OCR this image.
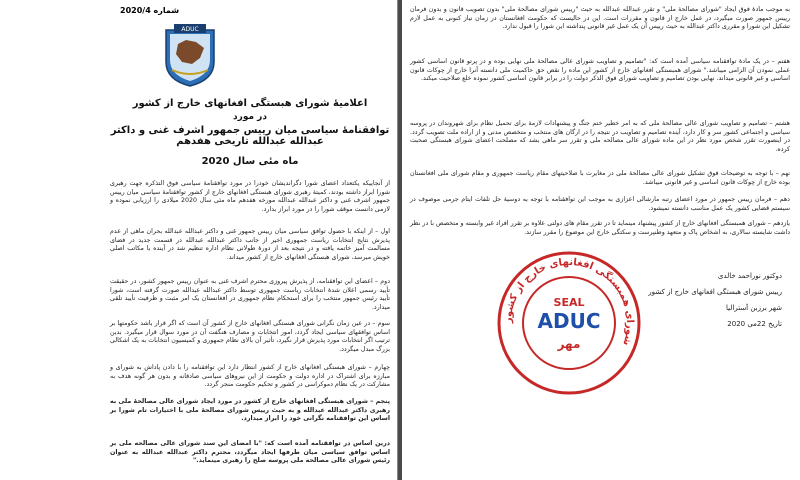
شماره 2020/4
ADUC
اعلامیهٔ شورای هبستگی افغانهای خارج از کشور
در مورد
توافقنامهٔ سیاسی میان رییس جمهور اشرف غنی و داکتر عبدالله عبدالله تاریخی هفدهم
ماه مئی سال 2020

از آنجاییکه یکتعداد اعضای شورا دگراندیشان خودرا در مورد توافقنامهٔ سیاسی فوق التذکره جهت رهبری شورا ابراز داشته بودند، کمیتهٔ رهبری شورای هبستگی افغانهای خارج از کشور توافقنامهٔ سیاسی میان رییس جمهور اشرف غنی و داکتر عبدالله عبدالله مورخه هفدهم ماه مئی سال 2020 میلادی را ارزیابی نموده و لازمی دانست موقف شورا را در مورد ابراز بدارد.

اول – از اینکه با حصول توافق سیاسی میان رییس جمهور غنی و داکتر عبدالله عبدالله بحران ماهی از عدم پذیرش نتایج انتخابات ریاست جمهوری اخیر از جانب داکتر عبدالله عبدالله در قسمت جدید در فضای مسالمت آمیز خاتمه یافته و در نتیجه بعد از دورهٔ طولانی نظام اداره تنظیم شد در آینده با مکاتب اصلی خویش میرسد، شورای هبستگی افغانهای خارج از کشور میداند.

دوم – اعضای این توافقنامه، از پذیرش پیروزی محترم اشرف غنی به عنوان رییس جمهور کشور، در حقیقت تأیید رسمی اعلان شدهٔ انتخابات ریاست جمهوری توسط داکتر عبدالله عبدالله صورت گرفته است، شورا تأیید رئیس جمهور منتخب را برای استحکام نظام جمهوری در افغانستان یک امر مثبت و ظرفیت تأیید تلقی میدارد.

سوم – در عین زمان نگرانی شورای هبستگی افغانهای خارج از کشور آن است که اگر قرار باشد حکومتها بر اساس توافقهای سیاسی ایجاد گردد، امور انتخابات و مصارف هنگفت آن در مورد سوال قرار میگیرد. بدین ترتیب اگر انتخابات مورد پذیرش قرار نگیرد، تأثیر آن بالای نظام جمهوری و کمیسیون انتخابات به یک اشکالی بزرگ مبدل میگردد.

چهارم – شورای هبستگی افغانهای خارج از کشور انتظار دارد این توافقنامه را با دادن پاداش به شورای و مبارزه برای اشتراک در اداره دولت و حکومت از این نیروهای سیاسی صادقانه و بدون هر گونه هدف به مشارکت در یک نظام دموکراسی در کشور و تحکیم حکومت منجر گردد.

پنجم – شورای هبستگی افغانهای خارج از کشور در مورد ایجاد شورای عالی مصالحهٔ ملی به رهبری داکتر عبدالله عبدالله و به حیث رییس شورای مصالحهٔ ملی با اختیارات تام شورا بر اساس این توافقنامه نگرانی خود را ابراز میدارد.

درین اساس در توافقنامه آمده است که: "با امضای این سند شورای عالی مصالحه ملی بر اساس توافق سیاسی میان طرفها ایجاد میگردد، محترم داکتر عبدالله عبدالله به عنوان رئیس شورای عالی مصالحه ملی پروسه صلح را رهبری مینماید."

به موجب مادهٔ فوق ایجاد "شورای مصالحهٔ ملی" و تقرر عبدالله عبدالله به حیث "رییس شورای مصالحهٔ ملی" بدون تصویب قانون و بدون فرمان رییس جمهور صورت میگیرد، در عمل خارج از قانون و مقررات است. این در حالیست که حکومت افغانستان در زمان نیاز کنونی به عمل لازم تشکیل این شورا و مقرری داکتر عبدالله به حیث رییس آن یک عمل غیر قانونی پنداشته این شورا را قبول ندارد.

هفتم – در یک مادهٔ توافقنامه سیاسی آمده است که: "تصامیم و تصاویب شورای عالی مصالحهٔ ملی نهایی بوده و در پرتو قانون اساسی کشور عملی نمودن آن الزامی میباشد." شورای همبستگی افغانهای خارج از کشور این ماده را نقض حق حاکمیت ملی دانسته آنرا خارج از چوکات قانون اساسی و غیر قانونی میداند. نهایی بودن تصامیم و تصاویب شورای فوق الذکر دولت را در برابر قانون اساسی کشور نموده خلع صلاحیت میکند.

هشتم – تصامیم و تصاویب شورای عالی مصالحهٔ ملی که به امر خطیر ختم جنگ و پیشنهادات لازمهٔ برای تحمیل نظام برای شهروندان در پروسه سیاسی و اجتماعی کشور سر و کار دارد، آینده تصامیم و تصاویب در نتیجه را در ارگان های منتخب و متخصص مدنی و از اراده ملت تصویب گردد. در اینصورت تقرر شخص مورد نظر در این ماده شورای عالی مصالحه ملی و تقرر سر ماهی بشد که مصلحت اعضای شورای هبستگی صحبت کرده.

نهم – با توجه به توضیحات فوق تشکیل شورای عالی مصالحهٔ ملی در مغایرت با صلاحیتهای مقام ریاست جمهوری و مقام شورای ملی افغانستان بوده خارج از چوکات قانون اساسی و غیر قانونی میباشد.

دهم – فرمان رییس جمهور در مورد اعضای رتبه مارشالی اعزازی به موجب این توافقنامه با توجه به دوسیهٔ حل تلفات ایتام جرمی موصوف در سیستم قضایی کشور یک عمل مناسب دانسته نمیشود.

یازدهم – شورای همبستگی افغانهای خارج از کشور پیشنهاد مینماید تا در تقرر مقام های دولتی علاوه بر تقرر افراد غیر وابسته و متخصص با در نظر داشت شایسته سالاری، به اشخاص پاک و متعهد وطنپرست و سکتگی خارج این موضوع را مقرر سازند.

دوکتور نوراحمد خالدی
رییس شورای هبستگی افغانهای خارج از کشور
شهر برزبن آسترالیا
تاریخ 22می 2020
شورای همبستگی افغانهای خارج از کشور
SEAL
ADUC
مهر
